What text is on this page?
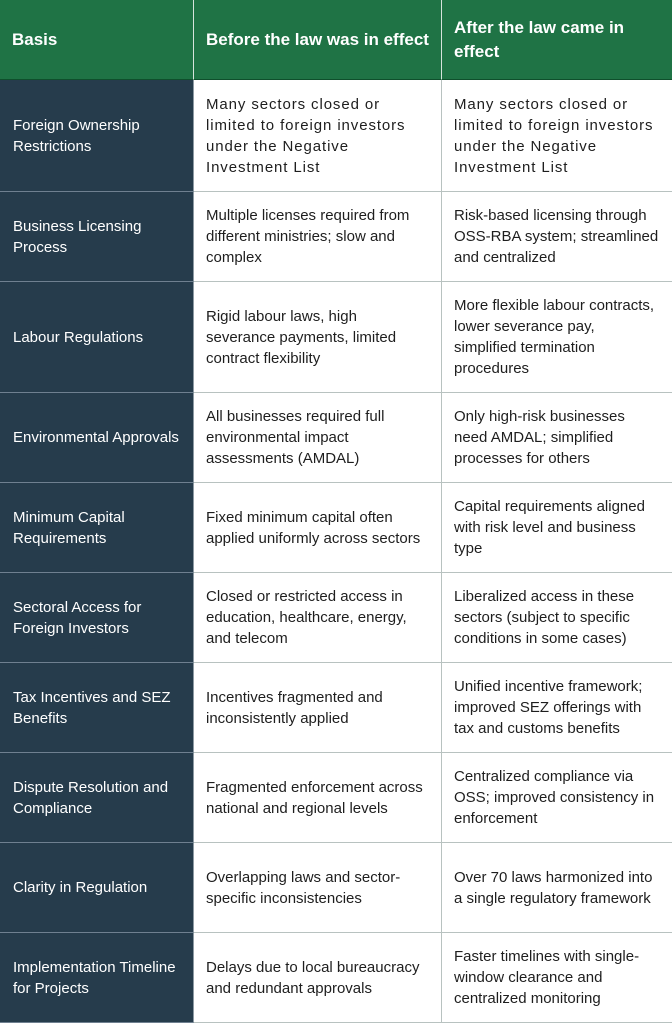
Basis	Before the law was in effect
After the law came in effect
Foreign Ownership Restrictions
Many sectors closed or limited to foreign investors under the Negative Investment List
Many sectors closed or limited to foreign investors under the Negative Investment List
Business Licensing Process
Multiple licenses required from different ministries; slow and complex
Risk-based licensing through OSS-RBA system; streamlined and centralized
Labour Regulations
Rigid labour laws, high severance payments, limited contract flexibility
More flexible labour contracts, lower severance pay, simplified termination procedures
Environmental Approvals
All businesses required full environmental impact assessments (AMDAL)
Only high-risk businesses need AMDAL; simplified processes for others
Minimum Capital Requirements
Fixed minimum capital often applied uniformly across sectors
Capital requirements aligned with risk level and business type
Sectoral Access for Foreign Investors
Closed or restricted access in education, healthcare, energy, and telecom
Liberalized access in these sectors (subject to specific conditions in some cases)
Tax Incentives and SEZ Benefits
Incentives fragmented and inconsistently applied
Unified incentive framework; improved SEZ offerings with tax and customs benefits
Dispute Resolution and Compliance
Fragmented enforcement across national and regional levels
Centralized compliance via OSS; improved consistency in enforcement
Clarity in Regulation
Overlapping laws and sector-specific inconsistencies
Over 70 laws harmonized into a single regulatory framework
Implementation Timeline for Projects
Delays due to local bureaucracy and redundant approvals
Faster timelines with single-window clearance and centralized monitoring
